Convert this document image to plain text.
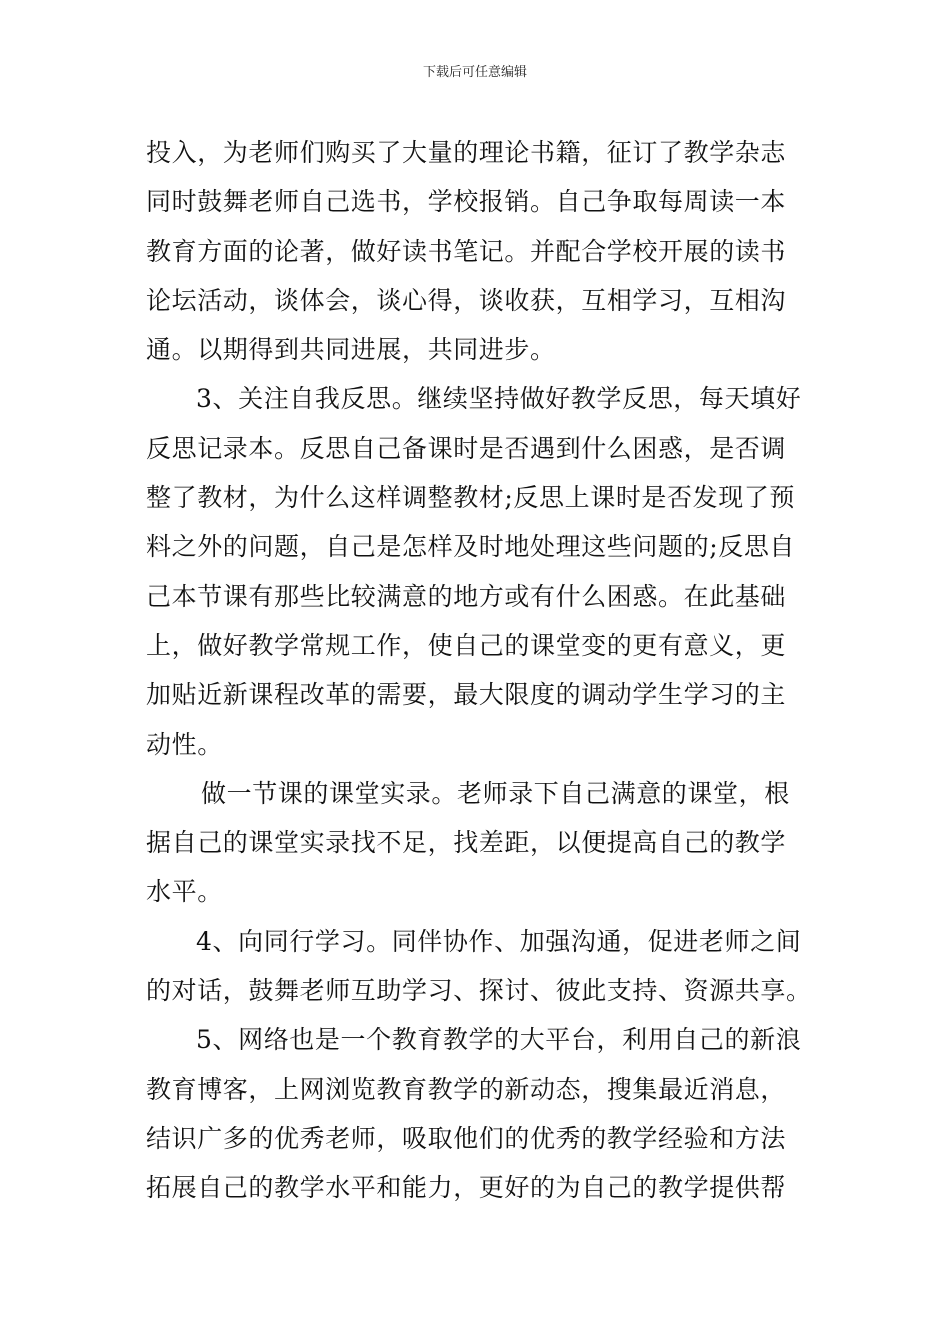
下载后可任意编辑
投入，为老师们购买了大量的理论书籍，征订了教学杂志
同时鼓舞老师自己选书，学校报销。自己争取每周读一本
教育方面的论著，做好读书笔记。并配合学校开展的读书
论坛活动，谈体会，谈心得，谈收获，互相学习，互相沟
通。以期得到共同进展，共同进步。
3、关注自我反思。继续坚持做好教学反思，每天填好
反思记录本。反思自己备课时是否遇到什么困惑，是否调
整了教材，为什么这样调整教材;反思上课时是否发现了预
料之外的问题，自己是怎样及时地处理这些问题的;反思自
己本节课有那些比较满意的地方或有什么困惑。在此基础
上，做好教学常规工作，使自己的课堂变的更有意义，更
加贴近新课程改革的需要，最大限度的调动学生学习的主
动性。
做一节课的课堂实录。老师录下自己满意的课堂，根
据自己的课堂实录找不足，找差距，以便提高自己的教学
水平。
4、向同行学习。同伴协作、加强沟通，促进老师之间
的对话，鼓舞老师互助学习、探讨、彼此支持、资源共享。
5、网络也是一个教育教学的大平台，利用自己的新浪
教育博客，上网浏览教育教学的新动态，搜集最近消息，
结识广多的优秀老师，吸取他们的优秀的教学经验和方法
拓展自己的教学水平和能力，更好的为自己的教学提供帮
